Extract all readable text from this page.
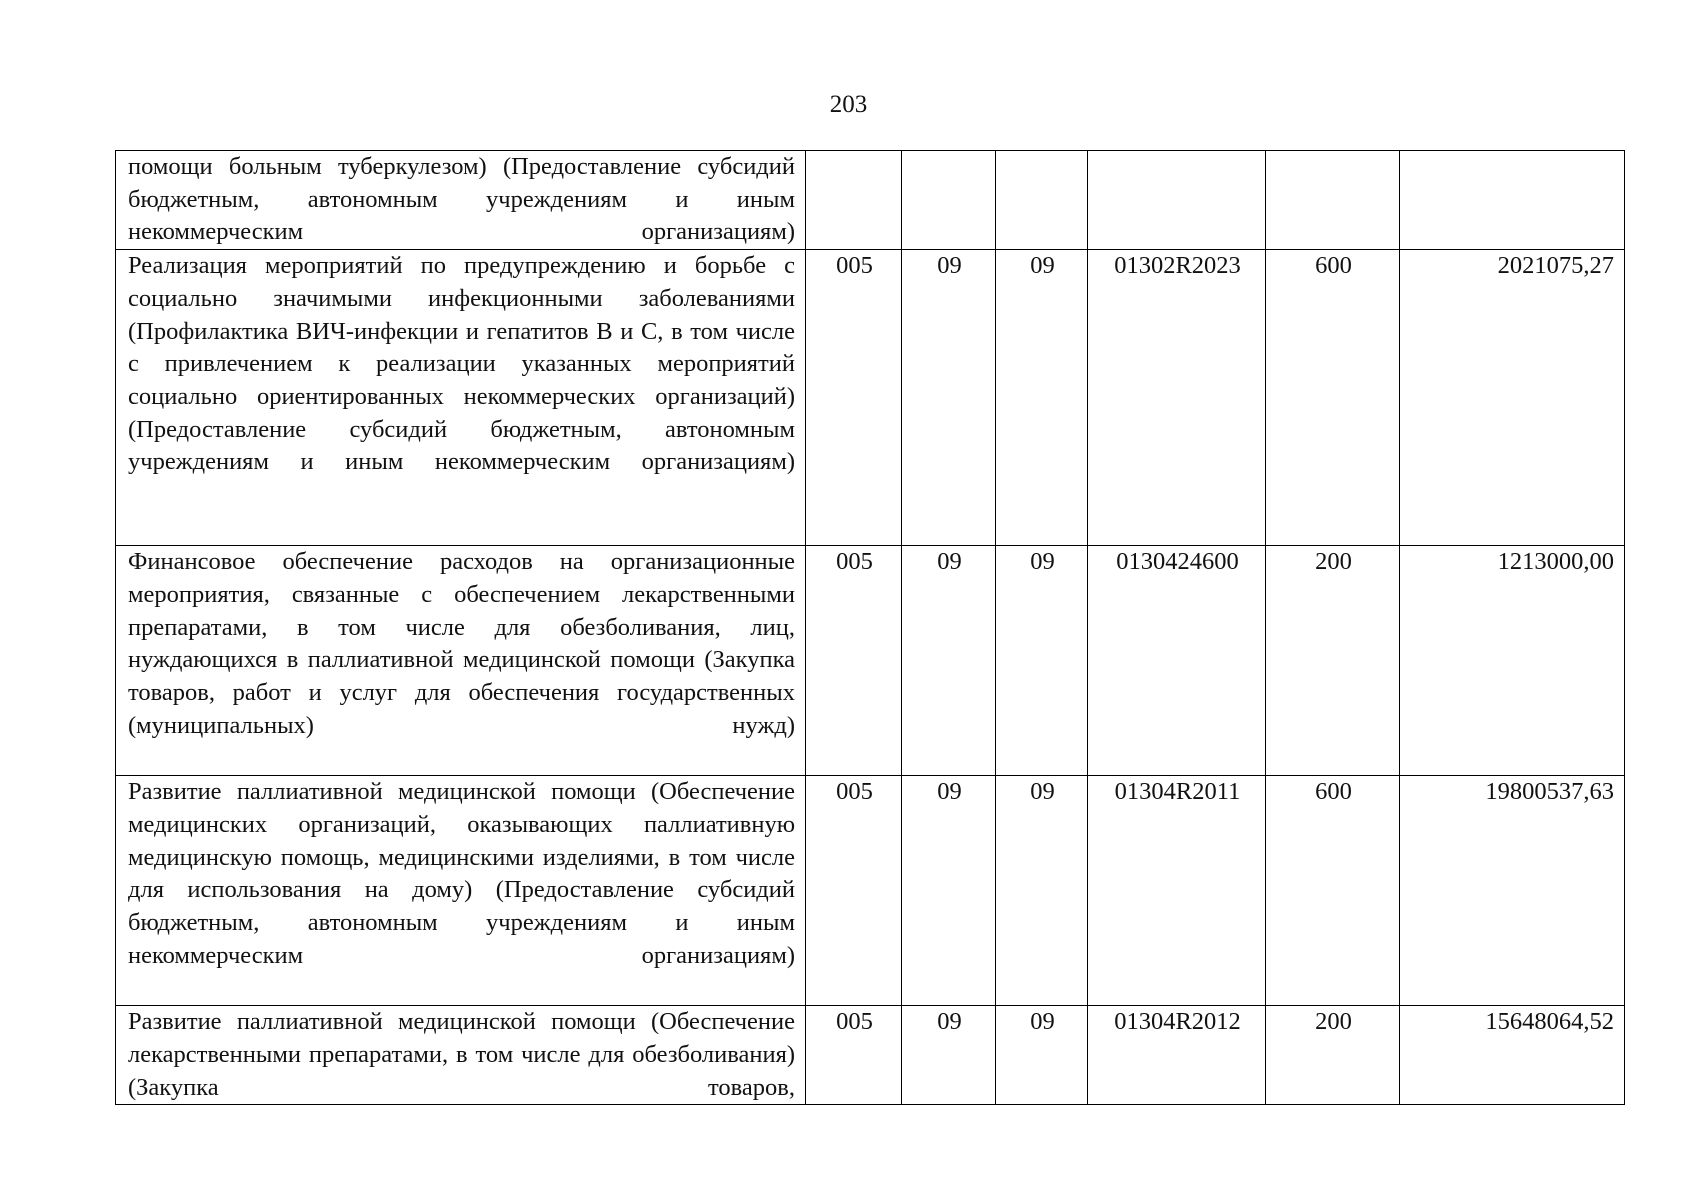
203
помощи больным туберкулезом) (Предоставление субсидий бюджетным, автономным учреждениям и иным некоммерческим организациям)						
Реализация мероприятий по предупреждению и борьбе с социально значимыми инфекционными заболеваниями (Профилактика ВИЧ-инфекции и гепатитов В и С, в том числе с привлечением к реализации указанных мероприятий социально ориентированных некоммерческих организаций) (Предоставление субсидий бюджетным, автономным учреждениям и иным некоммерческим организациям)	005	09	09	01302R2023	600	2021075,27
Финансовое обеспечение расходов на организационные мероприятия, связанные с обеспечением лекарственными препаратами, в том числе для обезболивания, лиц, нуждающихся в паллиативной медицинской помощи (Закупка товаров, работ и услуг для обеспечения государственных (муниципальных) нужд)	005	09	09	0130424600	200	1213000,00
Развитие паллиативной медицинской помощи (Обеспечение медицинских организаций, оказывающих паллиативную медицинскую помощь, медицинскими изделиями, в том числе для использования на дому) (Предоставление субсидий бюджетным, автономным учреждениям и иным некоммерческим организациям)	005	09	09	01304R2011	600	19800537,63
Развитие паллиативной медицинской помощи (Обеспечение лекарственными препаратами, в том числе для обезболивания) (Закупка товаров,	005	09	09	01304R2012	200	15648064,52
